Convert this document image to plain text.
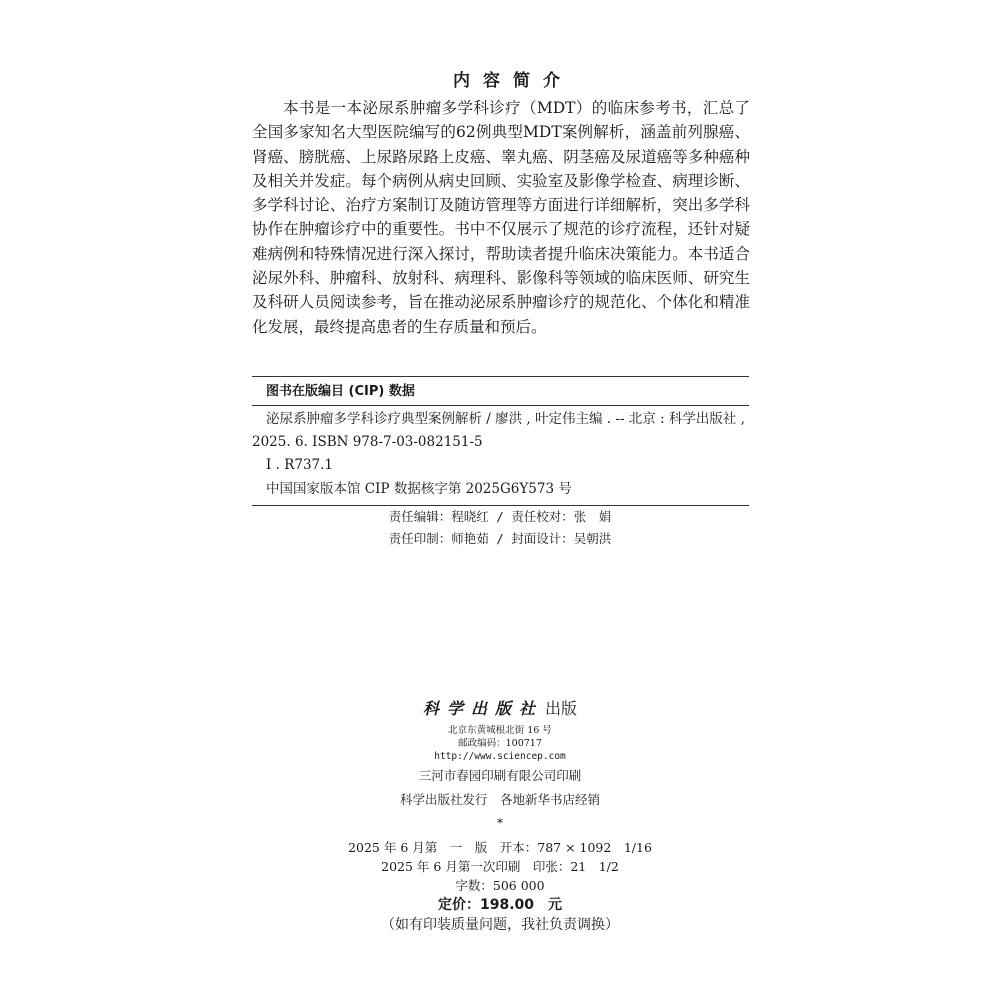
内容简介

本书是一本泌尿系肿瘤多学科诊疗（MDT）的临床参考书，汇总了全国多家知名大型医院编写的62例典型MDT案例解析，涵盖前列腺癌、肾癌、膀胱癌、上尿路尿路上皮癌、睾丸癌、阴茎癌及尿道癌等多种癌种及相关并发症。每个病例从病史回顾、实验室及影像学检查、病理诊断、多学科讨论、治疗方案制订及随访管理等方面进行详细解析，突出多学科协作在肿瘤诊疗中的重要性。书中不仅展示了规范的诊疗流程，还针对疑难病例和特殊情况进行深入探讨，帮助读者提升临床决策能力。本书适合泌尿外科、肿瘤科、放射科、病理科、影像科等领域的临床医师、研究生及科研人员阅读参考，旨在推动泌尿系肿瘤诊疗的规范化、个体化和精准化发展，最终提高患者的生存质量和预后。

图书在版编目 (CIP) 数据
泌尿系肿瘤多学科诊疗典型案例解析 / 廖洪 , 叶定伟主编 . -- 北京 : 科学出版社 , 2025. 6. ISBN 978-7-03-082151-5
Ⅰ . R737.1
中国国家版本馆 CIP 数据核字第 2025G6Y573 号
责任编辑：程晓红 / 责任校对：张　娟
责任印制：师艳茹 / 封面设计：吴朝洪
科学出版社 出版
北京东黄城根北街 16 号
邮政编码：100717
http://www.sciencep.com
三河市春园印刷有限公司印刷
科学出版社发行　各地新华书店经销
*
2025 年 6 月第　一　版　开本：787 × 1092　1/16
2025 年 6 月第一次印刷　印张：21　1/2
字数：506 000
定价：198.00　元
（如有印装质量问题，我社负责调换）
